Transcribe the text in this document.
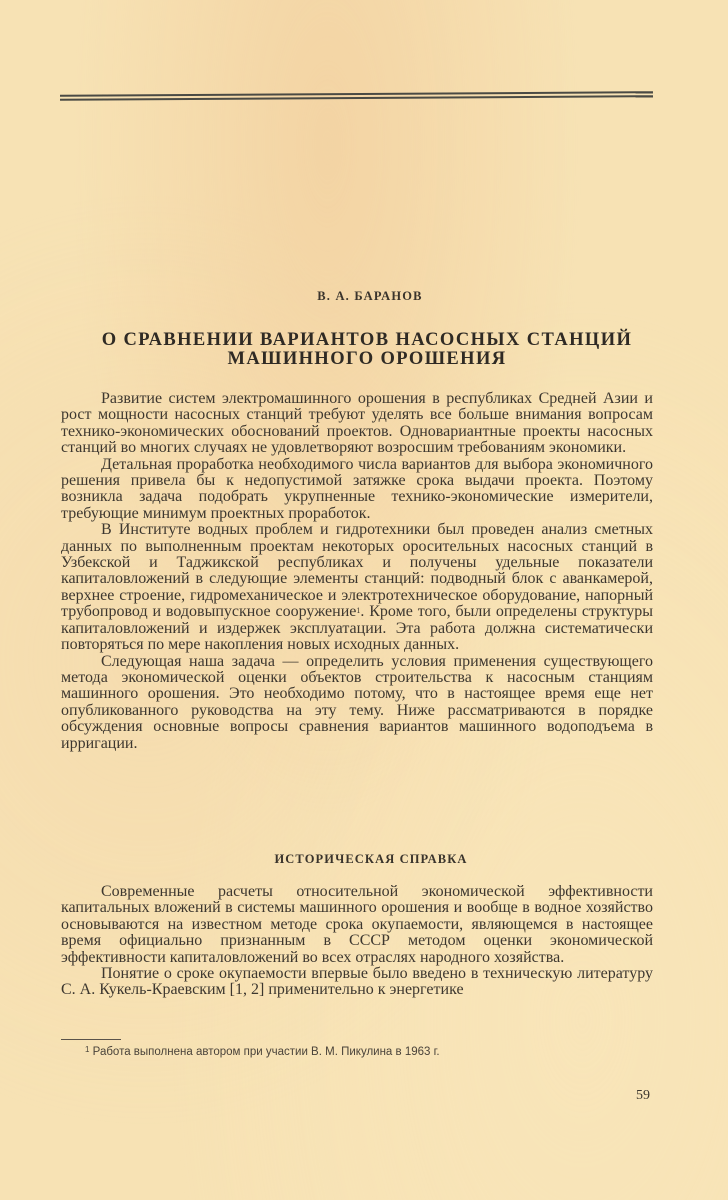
В. А. БАРАНОВ
О СРАВНЕНИИ ВАРИАНТОВ НАСОСНЫХ СТАНЦИЙ
МАШИННОГО ОРОШЕНИЯ

Развитие систем электромашинного орошения в республиках Средней Азии и рост мощности насосных станций требуют уделять все больше внимания вопросам технико-экономических обоснований проектов. Одновариантные проекты насосных станций во многих случаях не удовлетворяют возросшим требованиям экономики.

Детальная проработка необходимого числа вариантов для выбора экономичного решения привела бы к недопустимой затяжке срока выдачи проекта. Поэтому возникла задача подобрать укрупненные технико-экономические измерители, требующие минимум проектных проработок.

В Институте водных проблем и гидротехники был проведен анализ сметных данных по выполненным проектам некоторых оросительных насосных станций в Узбекской и Таджикской республиках и получены удельные показатели капиталовложений в следующие элементы станций: подводный блок с аванкамерой, верхнее строение, гидромеханическое и электротехническое оборудование, напорный трубопровод и водовыпускное сооружение$^1$. Кроме того, были определены структуры капиталовложений и издержек эксплуатации. Эта работа должна систематически повторяться по мере накопления новых исходных данных.

Следующая наша задача — определить условия применения существующего метода экономической оценки объектов строительства к насосным станциям машинного орошения. Это необходимо потому, что в настоящее время еще нет опубликованного руководства на эту тему. Ниже рассматриваются в порядке обсуждения основные вопросы сравнения вариантов машинного водоподъема в ирригации.

ИСТОРИЧЕСКАЯ СПРАВКА

Современные расчеты относительной экономической эффективности капитальных вложений в системы машинного орошения и вообще в водное хозяйство основываются на известном методе срока окупаемости, являющемся в настоящее время официально признанным в СССР методом оценки экономической эффективности капиталовложений во всех отраслях народного хозяйства.

Понятие о сроке окупаемости впервые было введено в техническую литературу С. А. Кукель-Краевским [1, 2] применительно к энергетике

$^1$ Работа выполнена автором при участии В. М. Пикулина в 1963 г.
59
